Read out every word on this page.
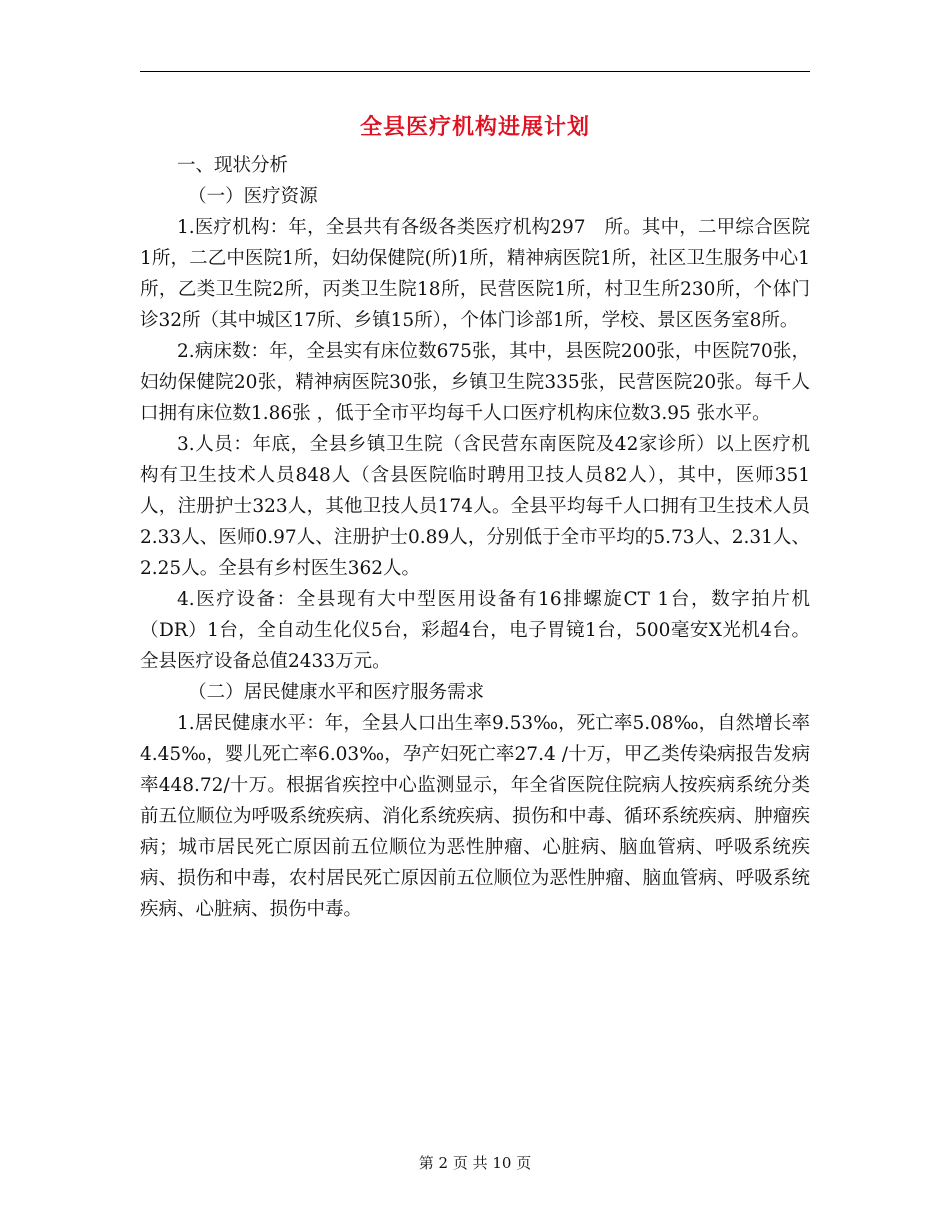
全县医疗机构进展计划

一、现状分析

（一）医疗资源

1.医疗机构：年，全县共有各级各类医疗机构297　所。其中，二甲综合医院1所，二乙中医院1所，妇幼保健院(所)1所，精神病医院1所，社区卫生服务中心1所，乙类卫生院2所，丙类卫生院18所，民营医院1所，村卫生所230所，个体门诊32所（其中城区17所、乡镇15所），个体门诊部1所，学校、景区医务室8所。

2.病床数：年，全县实有床位数675张，其中，县医院200张，中医院70张，妇幼保健院20张，精神病医院30张，乡镇卫生院335张，民营医院20张。每千人口拥有床位数1.86张 ，低于全市平均每千人口医疗机构床位数3.95 张水平。

3.人员：年底，全县乡镇卫生院（含民营东南医院及42家诊所）以上医疗机构有卫生技术人员848人（含县医院临时聘用卫技人员82人），其中，医师351人，注册护士323人，其他卫技人员174人。全县平均每千人口拥有卫生技术人员2.33人、医师0.97人、注册护士0.89人，分别低于全市平均的5.73人、2.31人、2.25人。全县有乡村医生362人。

4.医疗设备：全县现有大中型医用设备有16排螺旋CT 1台，数字拍片机（DR）1台，全自动生化仪5台，彩超4台，电子胃镜1台，500毫安X光机4台。全县医疗设备总值2433万元。

（二）居民健康水平和医疗服务需求

1.居民健康水平：年，全县人口出生率9.53‰，死亡率5.08‰，自然增长率4.45‰，婴儿死亡率6.03‰，孕产妇死亡率27.4 /十万，甲乙类传染病报告发病率448.72/十万。根据省疾控中心监测显示，年全省医院住院病人按疾病系统分类前五位顺位为呼吸系统疾病、消化系统疾病、损伤和中毒、循环系统疾病、肿瘤疾病；城市居民死亡原因前五位顺位为恶性肿瘤、心脏病、脑血管病、呼吸系统疾病、损伤和中毒，农村居民死亡原因前五位顺位为恶性肿瘤、脑血管病、呼吸系统疾病、心脏病、损伤中毒。

第 2 页 共 10 页
